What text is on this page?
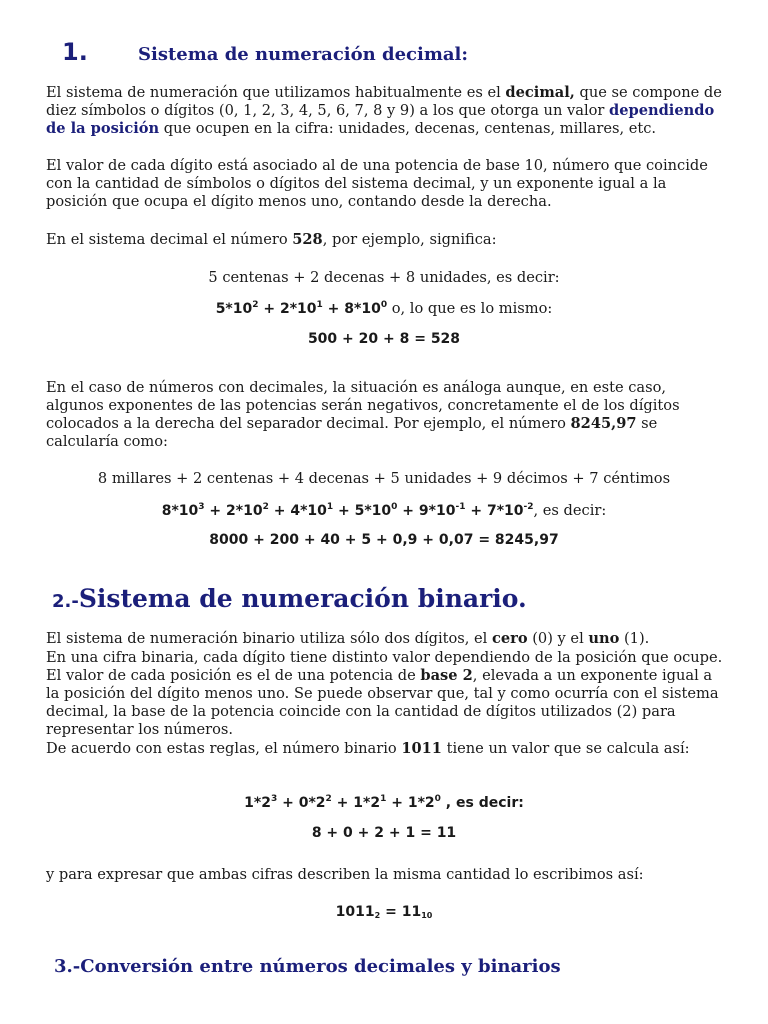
1.	Sistema de numeración decimal:
El sistema de numeración que utilizamos habitualmente es el decimal, que se compone de diez símbolos o dígitos (0, 1, 2, 3, 4, 5, 6, 7, 8 y 9) a los que otorga un valor dependiendo de la posición que ocupen en la cifra: unidades, decenas, centenas, millares, etc.
El valor de cada dígito está asociado al de una potencia de base 10, número que coincide con la cantidad de símbolos o dígitos del sistema decimal, y un exponente igual a la posición que ocupa el dígito menos uno, contando desde la derecha.
En el sistema decimal el número 528, por ejemplo, significa:
5 centenas + 2 decenas + 8 unidades, es decir:
$5*10^2 + 2*10^1 + 8*10^0$ o, lo que es lo mismo:
500 + 20 + 8 = 528
En el caso de números con decimales, la situación es análoga aunque, en este caso, algunos exponentes de las potencias serán negativos, concretamente el de los dígitos colocados a la derecha del separador decimal. Por ejemplo, el número 8245,97 se calcularía como:
8 millares + 2 centenas + 4 decenas + 5 unidades + 9 décimos + 7 céntimos
$8*10^3 + 2*10^2 + 4*10^1 + 5*10^0 + 9*10^{-1} + 7*10^{-2}$, es decir:
8000 + 200 + 40 + 5 + 0,9 + 0,07 = 8245,97
2.-Sistema de numeración binario.
El sistema de numeración binario utiliza sólo dos dígitos, el cero (0) y el uno (1).
En una cifra binaria, cada dígito tiene distinto valor dependiendo de la posición que ocupe. El valor de cada posición es el de una potencia de base 2, elevada a un exponente igual a la posición del dígito menos uno. Se puede observar que, tal y como ocurría con el sistema decimal, la base de la potencia coincide con la cantidad de dígitos utilizados (2) para representar los números.
De acuerdo con estas reglas, el número binario 1011 tiene un valor que se calcula así:
$1*2^3 + 0*2^2 + 1*2^1 + 1*2^0$ , es decir:
8 + 0 + 2 + 1 = 11
y para expresar que ambas cifras describen la misma cantidad lo escribimos así:
$1011_2 = 11_{10}$
3.-Conversión entre números decimales y binarios
